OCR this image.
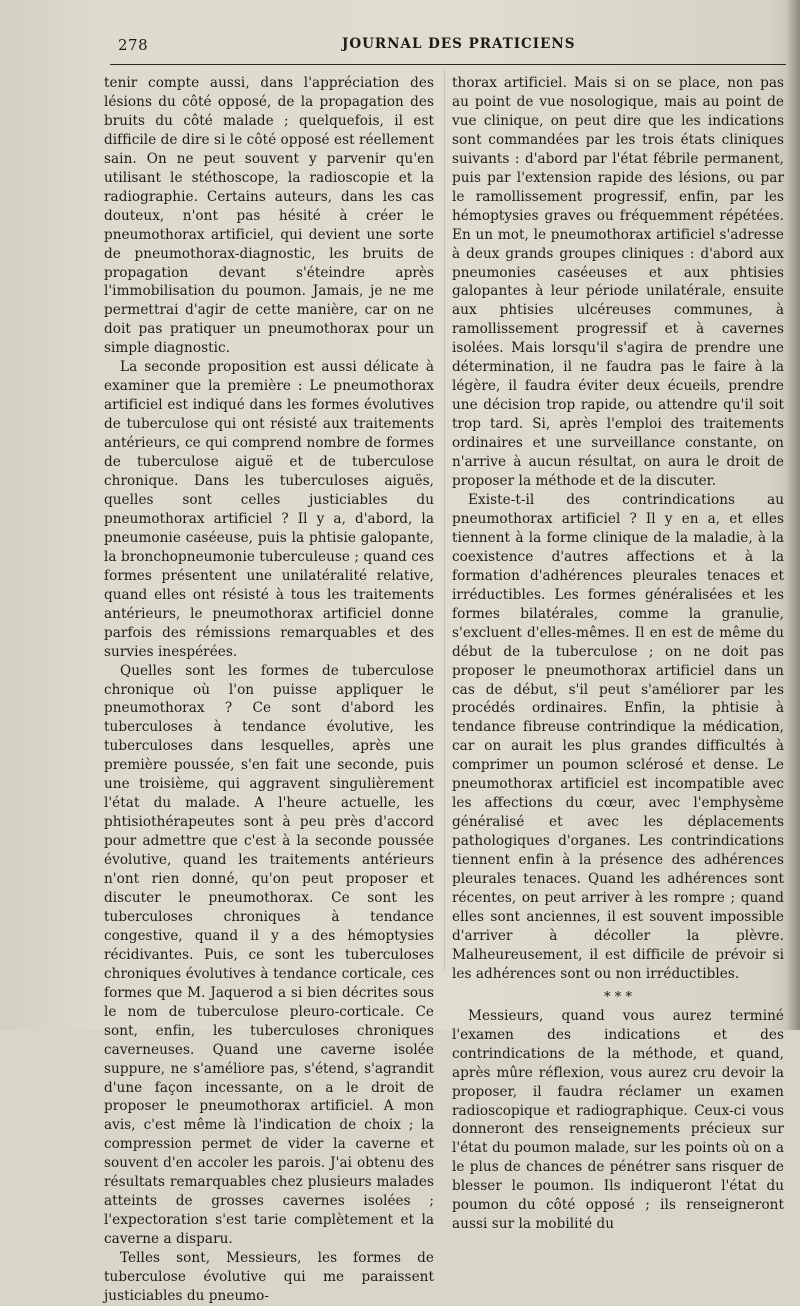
278	JOURNAL DES PRATICIENS

tenir compte aussi, dans l'appréciation des lésions du côté opposé, de la propagation des bruits du côté malade ; quelquefois, il est difficile de dire si le côté opposé est réellement sain. On ne peut souvent y parvenir qu'en utilisant le stéthoscope, la radioscopie et la radiographie. Certains auteurs, dans les cas douteux, n'ont pas hésité à créer le pneumothorax artificiel, qui devient une sorte de pneumothorax-diagnostic, les bruits de propagation devant s'éteindre après l'immobilisation du poumon. Jamais, je ne me permettrai d'agir de cette manière, car on ne doit pas pratiquer un pneumothorax pour un simple diagnostic.

La seconde proposition est aussi délicate à examiner que la première : Le pneumothorax artificiel est indiqué dans les formes évolutives de tuberculose qui ont résisté aux traitements antérieurs, ce qui comprend nombre de formes de tuberculose aiguë et de tuberculose chronique. Dans les tuberculoses aiguës, quelles sont celles justiciables du pneumothorax artificiel ? Il y a, d'abord, la pneumonie caséeuse, puis la phtisie galopante, la bronchopneumonie tuberculeuse ; quand ces formes présentent une unilatéralité relative, quand elles ont résisté à tous les traitements antérieurs, le pneumothorax artificiel donne parfois des rémissions remarquables et des survies inespérées.

Quelles sont les formes de tuberculose chronique où l'on puisse appliquer le pneumothorax ? Ce sont d'abord les tuberculoses à tendance évolutive, les tuberculoses dans lesquelles, après une première poussée, s'en fait une seconde, puis une troisième, qui aggravent singulièrement l'état du malade. A l'heure actuelle, les phtisiothérapeutes sont à peu près d'accord pour admettre que c'est à la seconde poussée évolutive, quand les traitements antérieurs n'ont rien donné, qu'on peut proposer et discuter le pneumothorax. Ce sont les tuberculoses chroniques à tendance congestive, quand il y a des hémoptysies récidivantes. Puis, ce sont les tuberculoses chroniques évolutives à tendance corticale, ces formes que M. Jaquerod a si bien décrites sous le nom de tuberculose pleuro-corticale. Ce sont, enfin, les tuberculoses chroniques caverneuses. Quand une caverne isolée suppure, ne s'améliore pas, s'étend, s'agrandit d'une façon incessante, on a le droit de proposer le pneumothorax artificiel. A mon avis, c'est même là l'indication de choix ; la compression permet de vider la caverne et souvent d'en accoler les parois. J'ai obtenu des résultats remarquables chez plusieurs malades atteints de grosses cavernes isolées ; l'expectoration s'est tarie complètement et la caverne a disparu.

Telles sont, Messieurs, les formes de tuberculose évolutive qui me paraissent justiciables du pneumo-

thorax artificiel. Mais si on se place, non pas au point de vue nosologique, mais au point de vue clinique, on peut dire que les indications sont commandées par les trois états cliniques suivants : d'abord par l'état fébrile permanent, puis par l'extension rapide des lésions, ou par le ramollissement progressif, enfin, par les hémoptysies graves ou fréquemment répétées. En un mot, le pneumothorax artificiel s'adresse à deux grands groupes cliniques : d'abord aux pneumonies caséeuses et aux phtisies galopantes à leur période unilatérale, ensuite aux phtisies ulcéreuses communes, à ramollissement progressif et à cavernes isolées. Mais lorsqu'il s'agira de prendre une détermination, il ne faudra pas le faire à la légère, il faudra éviter deux écueils, prendre une décision trop rapide, ou attendre qu'il soit trop tard. Si, après l'emploi des traitements ordinaires et une surveillance constante, on n'arrive à aucun résultat, on aura le droit de proposer la méthode et de la discuter.

Existe-t-il des contrindications au pneumothorax artificiel ? Il y en a, et elles tiennent à la forme clinique de la maladie, à la coexistence d'autres affections et à la formation d'adhérences pleurales tenaces et irréductibles. Les formes généralisées et les formes bilatérales, comme la granulie, s'excluent d'elles-mêmes. Il en est de même du début de la tuberculose ; on ne doit pas proposer le pneumothorax artificiel dans un cas de début, s'il peut s'améliorer par les procédés ordinaires. Enfin, la phtisie à tendance fibreuse contrindique la médication, car on aurait les plus grandes difficultés à comprimer un poumon sclérosé et dense. Le pneumothorax artificiel est incompatible avec les affections du cœur, avec l'emphysème généralisé et avec les déplacements pathologiques d'organes. Les contrindications tiennent enfin à la présence des adhérences pleurales tenaces. Quand les adhérences sont récentes, on peut arriver à les rompre ; quand elles sont anciennes, il est souvent impossible d'arriver à décoller la plèvre. Malheureusement, il est difficile de prévoir si les adhérences sont ou non irréductibles.

* * *

Messieurs, quand vous aurez terminé l'examen des indications et des contrindications de la méthode, et quand, après mûre réflexion, vous aurez cru devoir la proposer, il faudra réclamer un examen radioscopique et radiographique. Ceux-ci vous donneront des renseignements précieux sur l'état du poumon malade, sur les points où on a le plus de chances de pénétrer sans risquer de blesser le poumon. Ils indiqueront l'état du poumon du côté opposé ; ils renseigneront aussi sur la mobilité du
